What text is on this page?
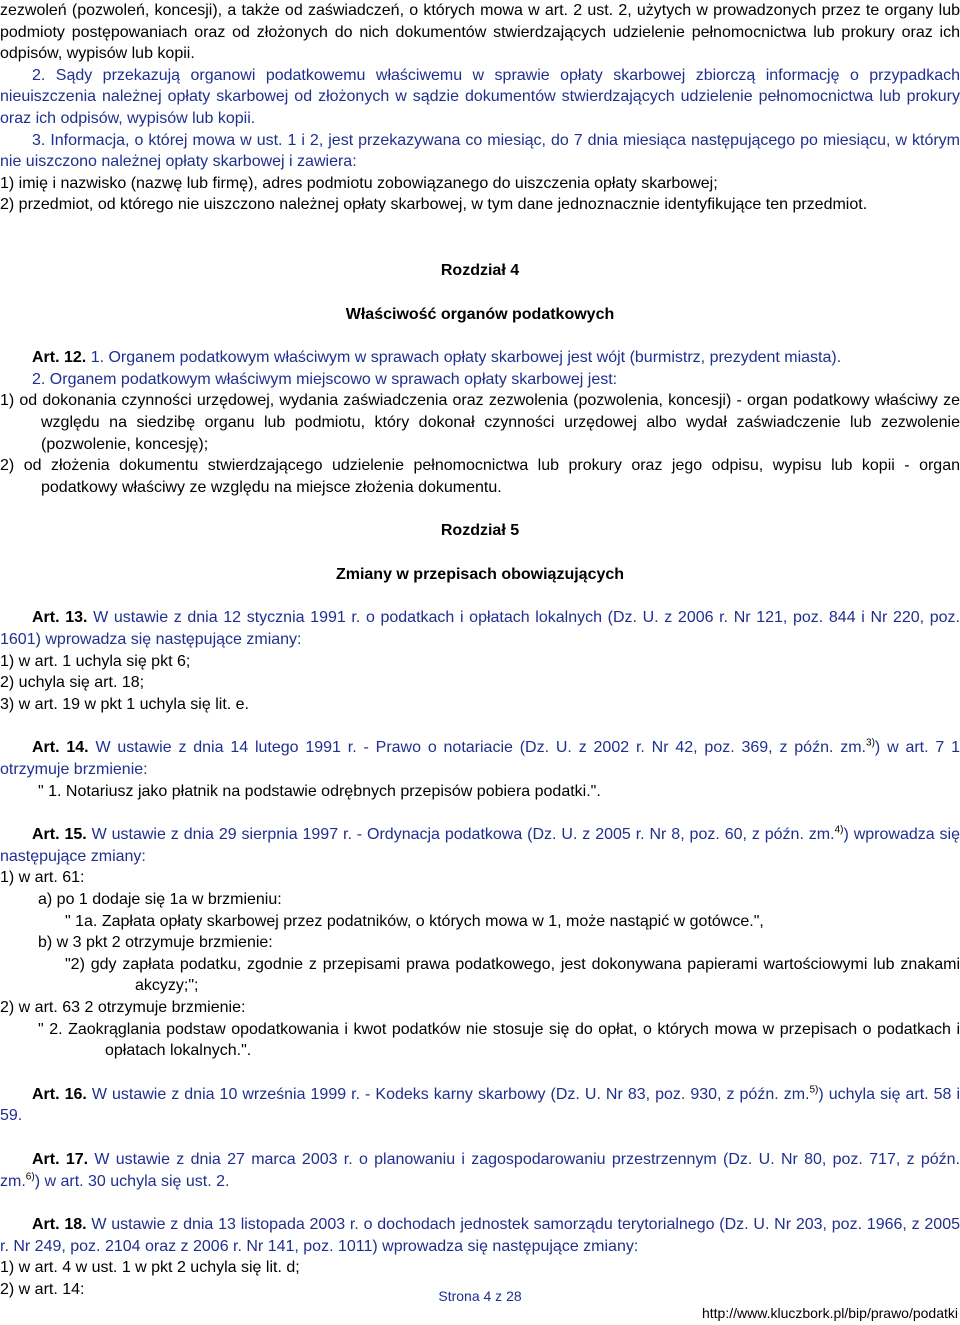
zezwoleń (pozwoleń, koncesji), a także od zaświadczeń, o których mowa w art. 2 ust. 2, użytych w prowadzonych przez te organy lub podmioty postępowaniach oraz od złożonych do nich dokumentów stwierdzających udzielenie pełnomocnictwa lub prokury oraz ich odpisów, wypisów lub kopii.

2. Sądy przekazują organowi podatkowemu właściwemu w sprawie opłaty skarbowej zbiorczą informację o przypadkach nieuiszczenia należnej opłaty skarbowej od złożonych w sądzie dokumentów stwierdzających udzielenie pełnomocnictwa lub prokury oraz ich odpisów, wypisów lub kopii.

3. Informacja, o której mowa w ust. 1 i 2, jest przekazywana co miesiąc, do 7 dnia miesiąca następującego po miesiącu, w którym nie uiszczono należnej opłaty skarbowej i zawiera:

1) imię i nazwisko (nazwę lub firmę), adres podmiotu zobowiązanego do uiszczenia opłaty skarbowej;

2) przedmiot, od którego nie uiszczono należnej opłaty skarbowej, w tym dane jednoznacznie identyfikujące ten przedmiot.

Rozdział 4

Właściwość organów podatkowych

Art. 12. 1. Organem podatkowym właściwym w sprawach opłaty skarbowej jest wójt (burmistrz, prezydent miasta).

2. Organem podatkowym właściwym miejscowo w sprawach opłaty skarbowej jest:

1) od dokonania czynności urzędowej, wydania zaświadczenia oraz zezwolenia (pozwolenia, koncesji) - organ podatkowy właściwy ze względu na siedzibę organu lub podmiotu, który dokonał czynności urzędowej albo wydał zaświadczenie lub zezwolenie (pozwolenie, koncesję);

2) od złożenia dokumentu stwierdzającego udzielenie pełnomocnictwa lub prokury oraz jego odpisu, wypisu lub kopii - organ podatkowy właściwy ze względu na miejsce złożenia dokumentu.

Rozdział 5

Zmiany w przepisach obowiązujących

Art. 13. W ustawie z dnia 12 stycznia 1991 r. o podatkach i opłatach lokalnych (Dz. U. z 2006 r. Nr 121, poz. 844 i Nr 220, poz. 1601) wprowadza się następujące zmiany:

1) w art. 1 uchyla się pkt 6;

2) uchyla się art. 18;

3) w art. 19 w pkt 1 uchyla się lit. e.

Art. 14. W ustawie z dnia 14 lutego 1991 r. - Prawo o notariacie (Dz. U. z 2002 r. Nr 42, poz. 369, z późn. zm.$^{3)}$) w art. 7 1 otrzymuje brzmienie:

" 1. Notariusz jako płatnik na podstawie odrębnych przepisów pobiera podatki.".

Art. 15. W ustawie z dnia 29 sierpnia 1997 r. - Ordynacja podatkowa (Dz. U. z 2005 r. Nr 8, poz. 60, z późn. zm.$^{4)}$) wprowadza się następujące zmiany:

1) w art. 61:

a) po 1 dodaje się 1a w brzmieniu:

" 1a. Zapłata opłaty skarbowej przez podatników, o których mowa w 1, może nastąpić w gotówce.",

b) w 3 pkt 2 otrzymuje brzmienie:

"2) gdy zapłata podatku, zgodnie z przepisami prawa podatkowego, jest dokonywana papierami wartościowymi lub znakami akcyzy;";

2) w art. 63 2 otrzymuje brzmienie:

" 2. Zaokrąglania podstaw opodatkowania i kwot podatków nie stosuje się do opłat, o których mowa w przepisach o podatkach i opłatach lokalnych.".

Art. 16. W ustawie z dnia 10 września 1999 r. - Kodeks karny skarbowy (Dz. U. Nr 83, poz. 930, z późn. zm.$^{5)}$) uchyla się art. 58 i 59.

Art. 17. W ustawie z dnia 27 marca 2003 r. o planowaniu i zagospodarowaniu przestrzennym (Dz. U. Nr 80, poz. 717, z późn. zm.$^{6)}$) w art. 30 uchyla się ust. 2.

Art. 18. W ustawie z dnia 13 listopada 2003 r. o dochodach jednostek samorządu terytorialnego (Dz. U. Nr 203, poz. 1966, z 2005 r. Nr 249, poz. 2104 oraz z 2006 r. Nr 141, poz. 1011) wprowadza się następujące zmiany:

1) w art. 4 w ust. 1 w pkt 2 uchyla się lit. d;

2) w art. 14:	Strona 4 z 28
http://www.kluczbork.pl/bip/prawo/podatki
